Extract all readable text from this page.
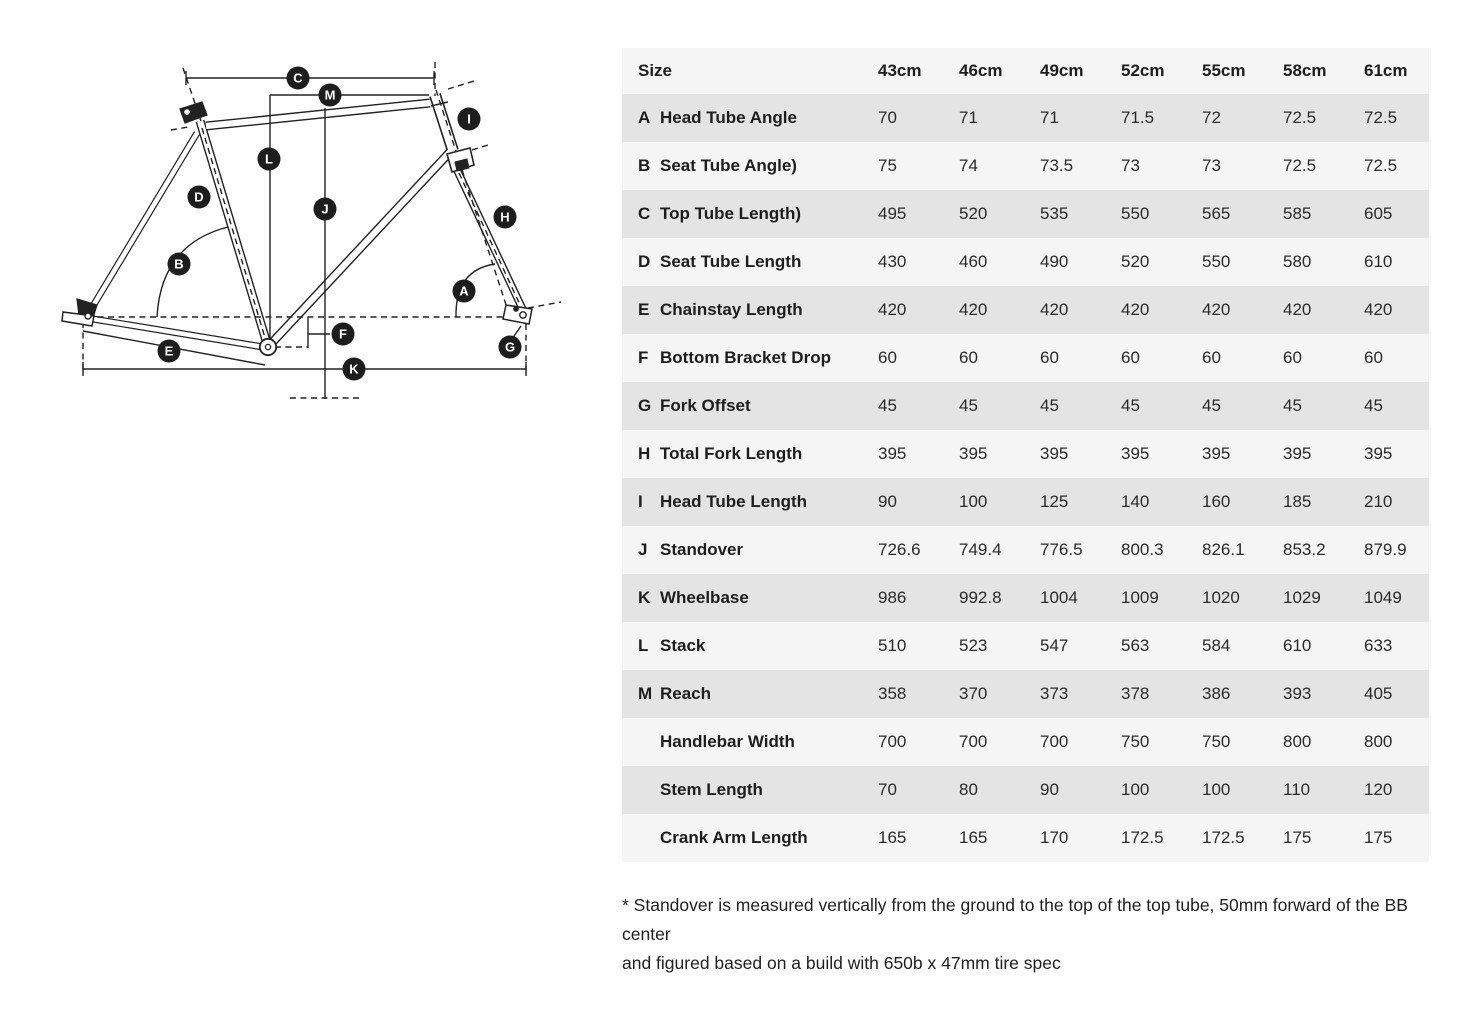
C
M
I
L
D
J
H
B
A
F
E	G
K
Size	43cm	46cm	49cm	52cm	55cm	58cm	61cm
A Head Tube Angle	70	71	71	71.5	72	72.5	72.5
B Seat Tube Angle)	75	74	73.5	73	73	72.5	72.5
C Top Tube Length)	495	520	535	550	565	585	605
D Seat Tube Length	430	460	490	520	550	580	610
E Chainstay Length	420	420	420	420	420	420	420
F Bottom Bracket Drop	60	60	60	60	60	60	60
G Fork Offset	45	45	45	45	45	45	45
H Total Fork Length	395	395	395	395	395	395	395
I	Head Tube Length	90	100	125	140	160	185	210
J Standover	726.6	749.4	776.5	800.3	826.1	853.2	879.9
K Wheelbase	986	992.8	1004	1009	1020	1029	1049
L Stack	510	523	547	563	584	610	633
M Reach	358	370	373	378	386	393	405
Handlebar Width	700	700	700	750	750	800	800
Stem Length	70	80	90	100	100	110	120
Crank Arm Length	165	165	170	172.5	172.5	175	175
* Standover is measured vertically from the ground to the top of the top tube, 50mm forward of the BB center
and figured based on a build with 650b x 47mm tire spec
